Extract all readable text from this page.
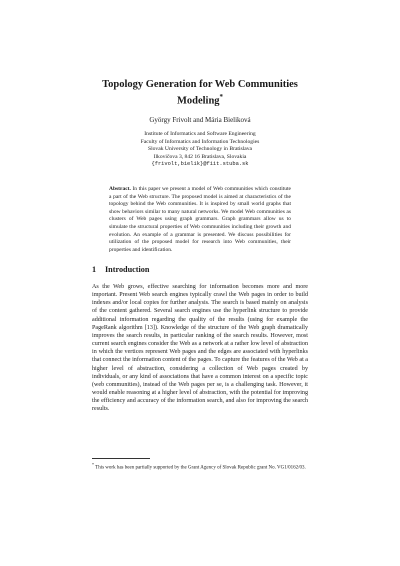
Topology Generation for Web Communities
Modeling*

György Frivolt and Mária Bieliková

Institute of Informatics and Software Engineering
Faculty of Informatics and Information Technologies
Slovak University of Technology in Bratislava
Ilkovičova 3, 842 16 Bratislava, Slovakia
{frivolt,bielik}@fiit.stuba.sk

Abstract. In this paper we present a model of Web communities which constitute a part of the Web structure. The proposed model is aimed at characteristics of the topology behind the Web communities. It is inspired by small world graphs that show behaviors similar to many natural networks. We model Web communities as clusters of Web pages using graph grammars. Graph grammars allow us to simulate the structural properties of Web communities including their growth and evolution. An example of a grammar is presented. We discuss possibilities for utilization of the proposed model for research into Web communities, their properties and identification.

1 Introduction

As the Web grows, effective searching for information becomes more and more important. Present Web search engines typically crawl the Web pages in order to build indexes and/or local copies for further analysis. The search is based mainly on analysis of the content gathered. Several search engines use the hyperlink structure to provide additional information regarding the quality of the results (using for example the PageRank algorithm [13]). Knowledge of the structure of the Web graph dramatically improves the search results, in particular ranking of the search results. However, most current search engines consider the Web as a network at a rather low level of abstraction in which the vertices represent Web pages and the edges are associated with hyperlinks that connect the information content of the pages. To capture the features of the Web at a higher level of abstraction, considering a collection of Web pages created by individuals, or any kind of associations that have a common interest on a specific topic (web communities), instead of the Web pages per se, is a challenging task. However, it would enable reasoning at a higher level of abstraction, with the potential for improving the efficiency and accuracy of the information search, and also for improving the search results.

* This work has been partially supported by the Grant Agency of Slovak Republic grant No. VG1/0162/03.
